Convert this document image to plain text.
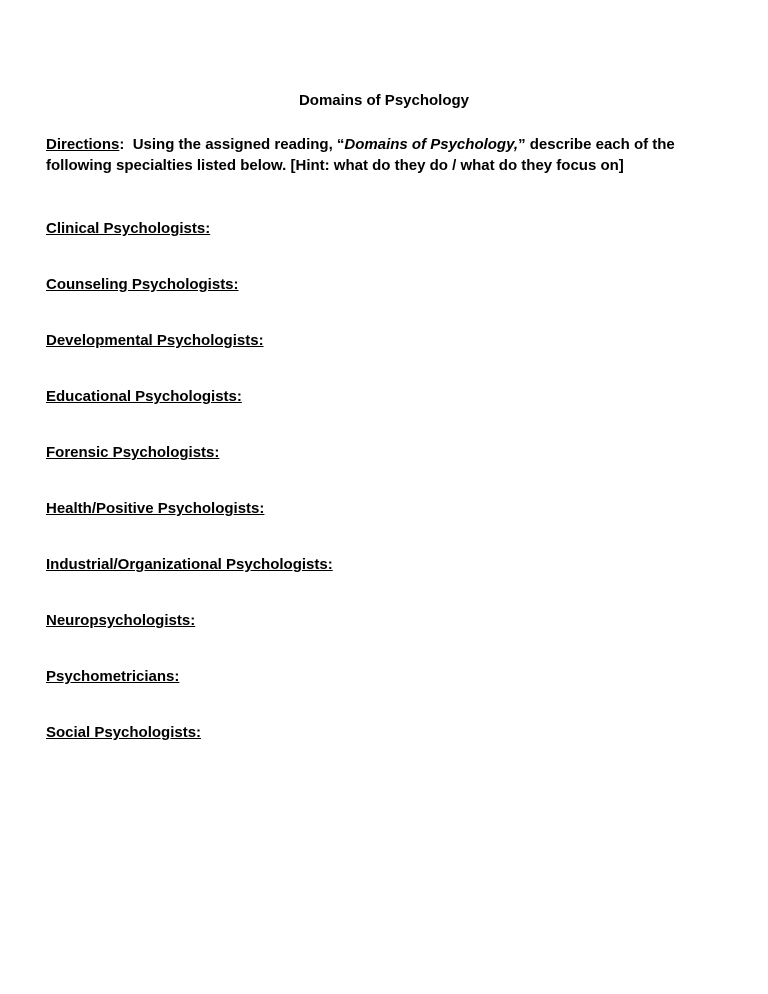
Domains of Psychology
Directions:  Using the assigned reading, “Domains of Psychology,” describe each of the following specialties listed below. [Hint: what do they do / what do they focus on]
Clinical Psychologists:
Counseling Psychologists:
Developmental Psychologists:
Educational Psychologists:
Forensic Psychologists:
Health/Positive Psychologists:
Industrial/Organizational Psychologists:
Neuropsychologists:
Psychometricians:
Social Psychologists:
